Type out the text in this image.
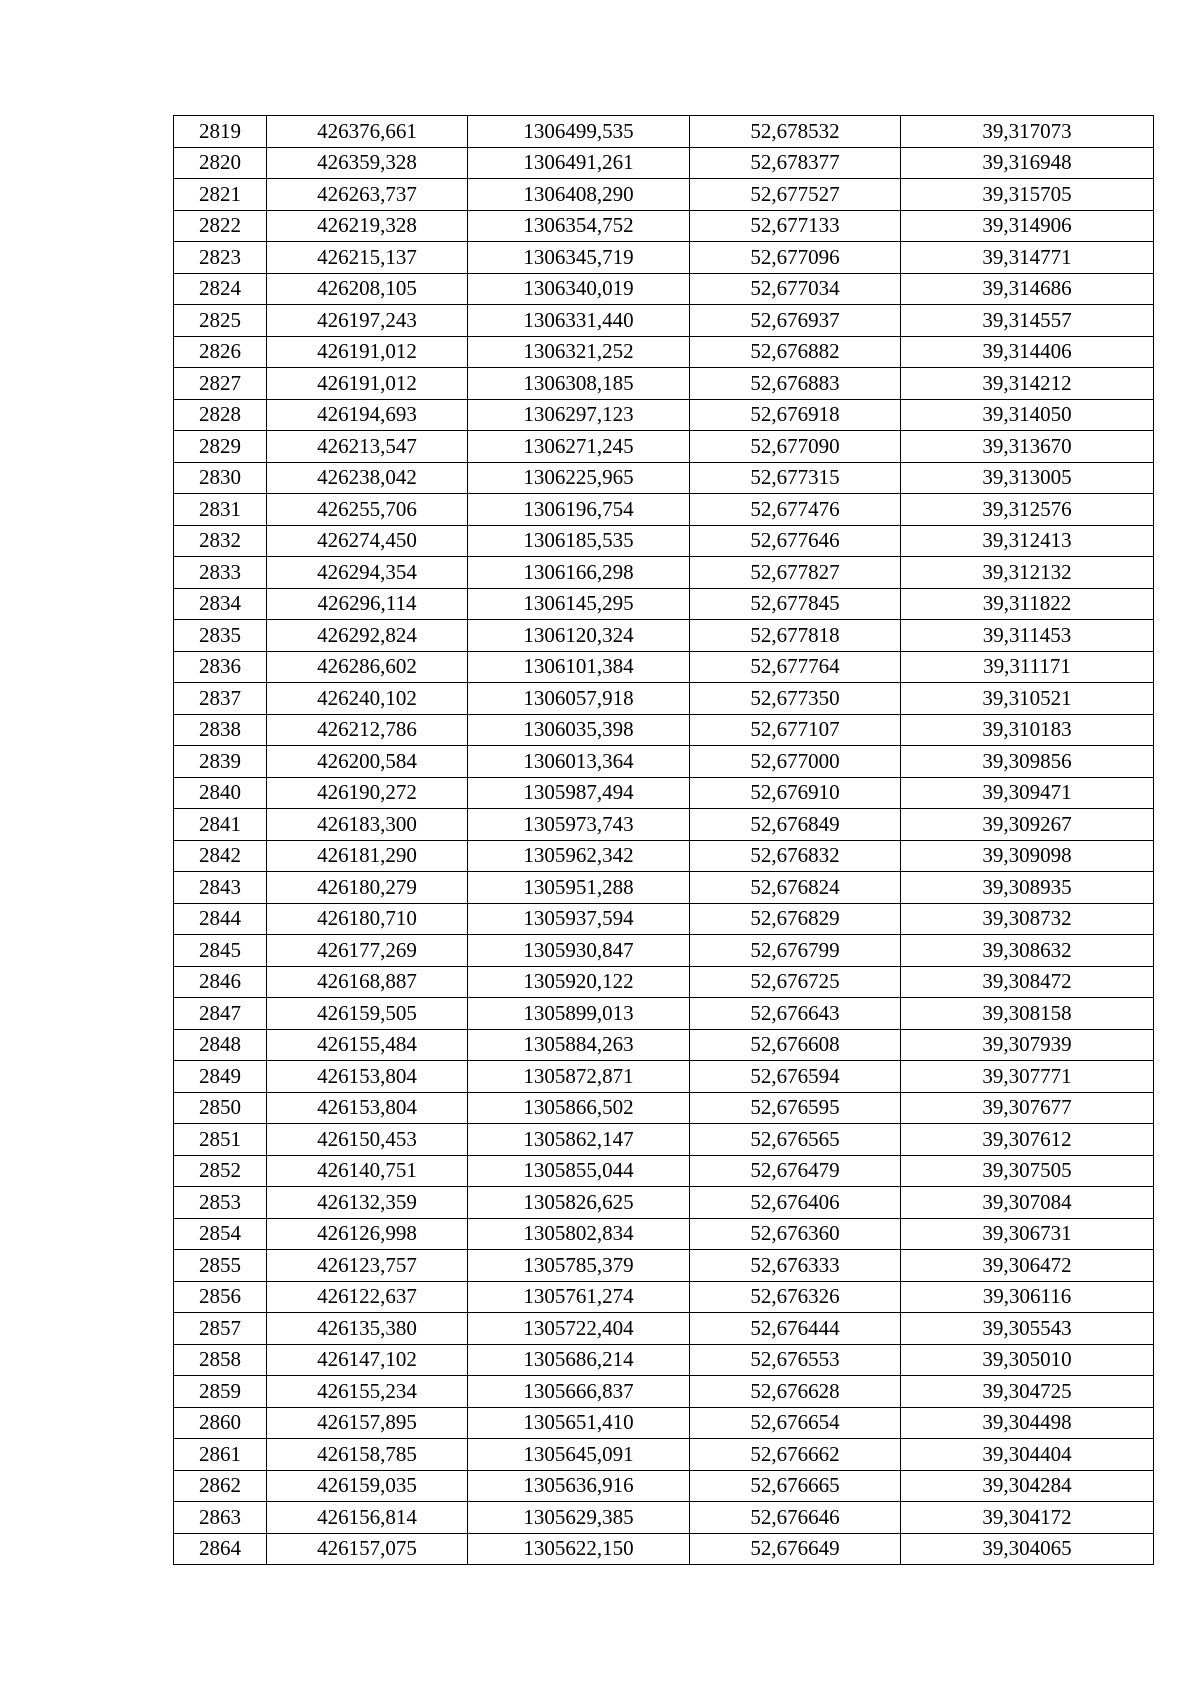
2819	426376,661	1306499,535	52,678532	39,317073
2820	426359,328	1306491,261	52,678377	39,316948
2821	426263,737	1306408,290	52,677527	39,315705
2822	426219,328	1306354,752	52,677133	39,314906
2823	426215,137	1306345,719	52,677096	39,314771
2824	426208,105	1306340,019	52,677034	39,314686
2825	426197,243	1306331,440	52,676937	39,314557
2826	426191,012	1306321,252	52,676882	39,314406
2827	426191,012	1306308,185	52,676883	39,314212
2828	426194,693	1306297,123	52,676918	39,314050
2829	426213,547	1306271,245	52,677090	39,313670
2830	426238,042	1306225,965	52,677315	39,313005
2831	426255,706	1306196,754	52,677476	39,312576
2832	426274,450	1306185,535	52,677646	39,312413
2833	426294,354	1306166,298	52,677827	39,312132
2834	426296,114	1306145,295	52,677845	39,311822
2835	426292,824	1306120,324	52,677818	39,311453
2836	426286,602	1306101,384	52,677764	39,311171
2837	426240,102	1306057,918	52,677350	39,310521
2838	426212,786	1306035,398	52,677107	39,310183
2839	426200,584	1306013,364	52,677000	39,309856
2840	426190,272	1305987,494	52,676910	39,309471
2841	426183,300	1305973,743	52,676849	39,309267
2842	426181,290	1305962,342	52,676832	39,309098
2843	426180,279	1305951,288	52,676824	39,308935
2844	426180,710	1305937,594	52,676829	39,308732
2845	426177,269	1305930,847	52,676799	39,308632
2846	426168,887	1305920,122	52,676725	39,308472
2847	426159,505	1305899,013	52,676643	39,308158
2848	426155,484	1305884,263	52,676608	39,307939
2849	426153,804	1305872,871	52,676594	39,307771
2850	426153,804	1305866,502	52,676595	39,307677
2851	426150,453	1305862,147	52,676565	39,307612
2852	426140,751	1305855,044	52,676479	39,307505
2853	426132,359	1305826,625	52,676406	39,307084
2854	426126,998	1305802,834	52,676360	39,306731
2855	426123,757	1305785,379	52,676333	39,306472
2856	426122,637	1305761,274	52,676326	39,306116
2857	426135,380	1305722,404	52,676444	39,305543
2858	426147,102	1305686,214	52,676553	39,305010
2859	426155,234	1305666,837	52,676628	39,304725
2860	426157,895	1305651,410	52,676654	39,304498
2861	426158,785	1305645,091	52,676662	39,304404
2862	426159,035	1305636,916	52,676665	39,304284
2863	426156,814	1305629,385	52,676646	39,304172
2864	426157,075	1305622,150	52,676649	39,304065
